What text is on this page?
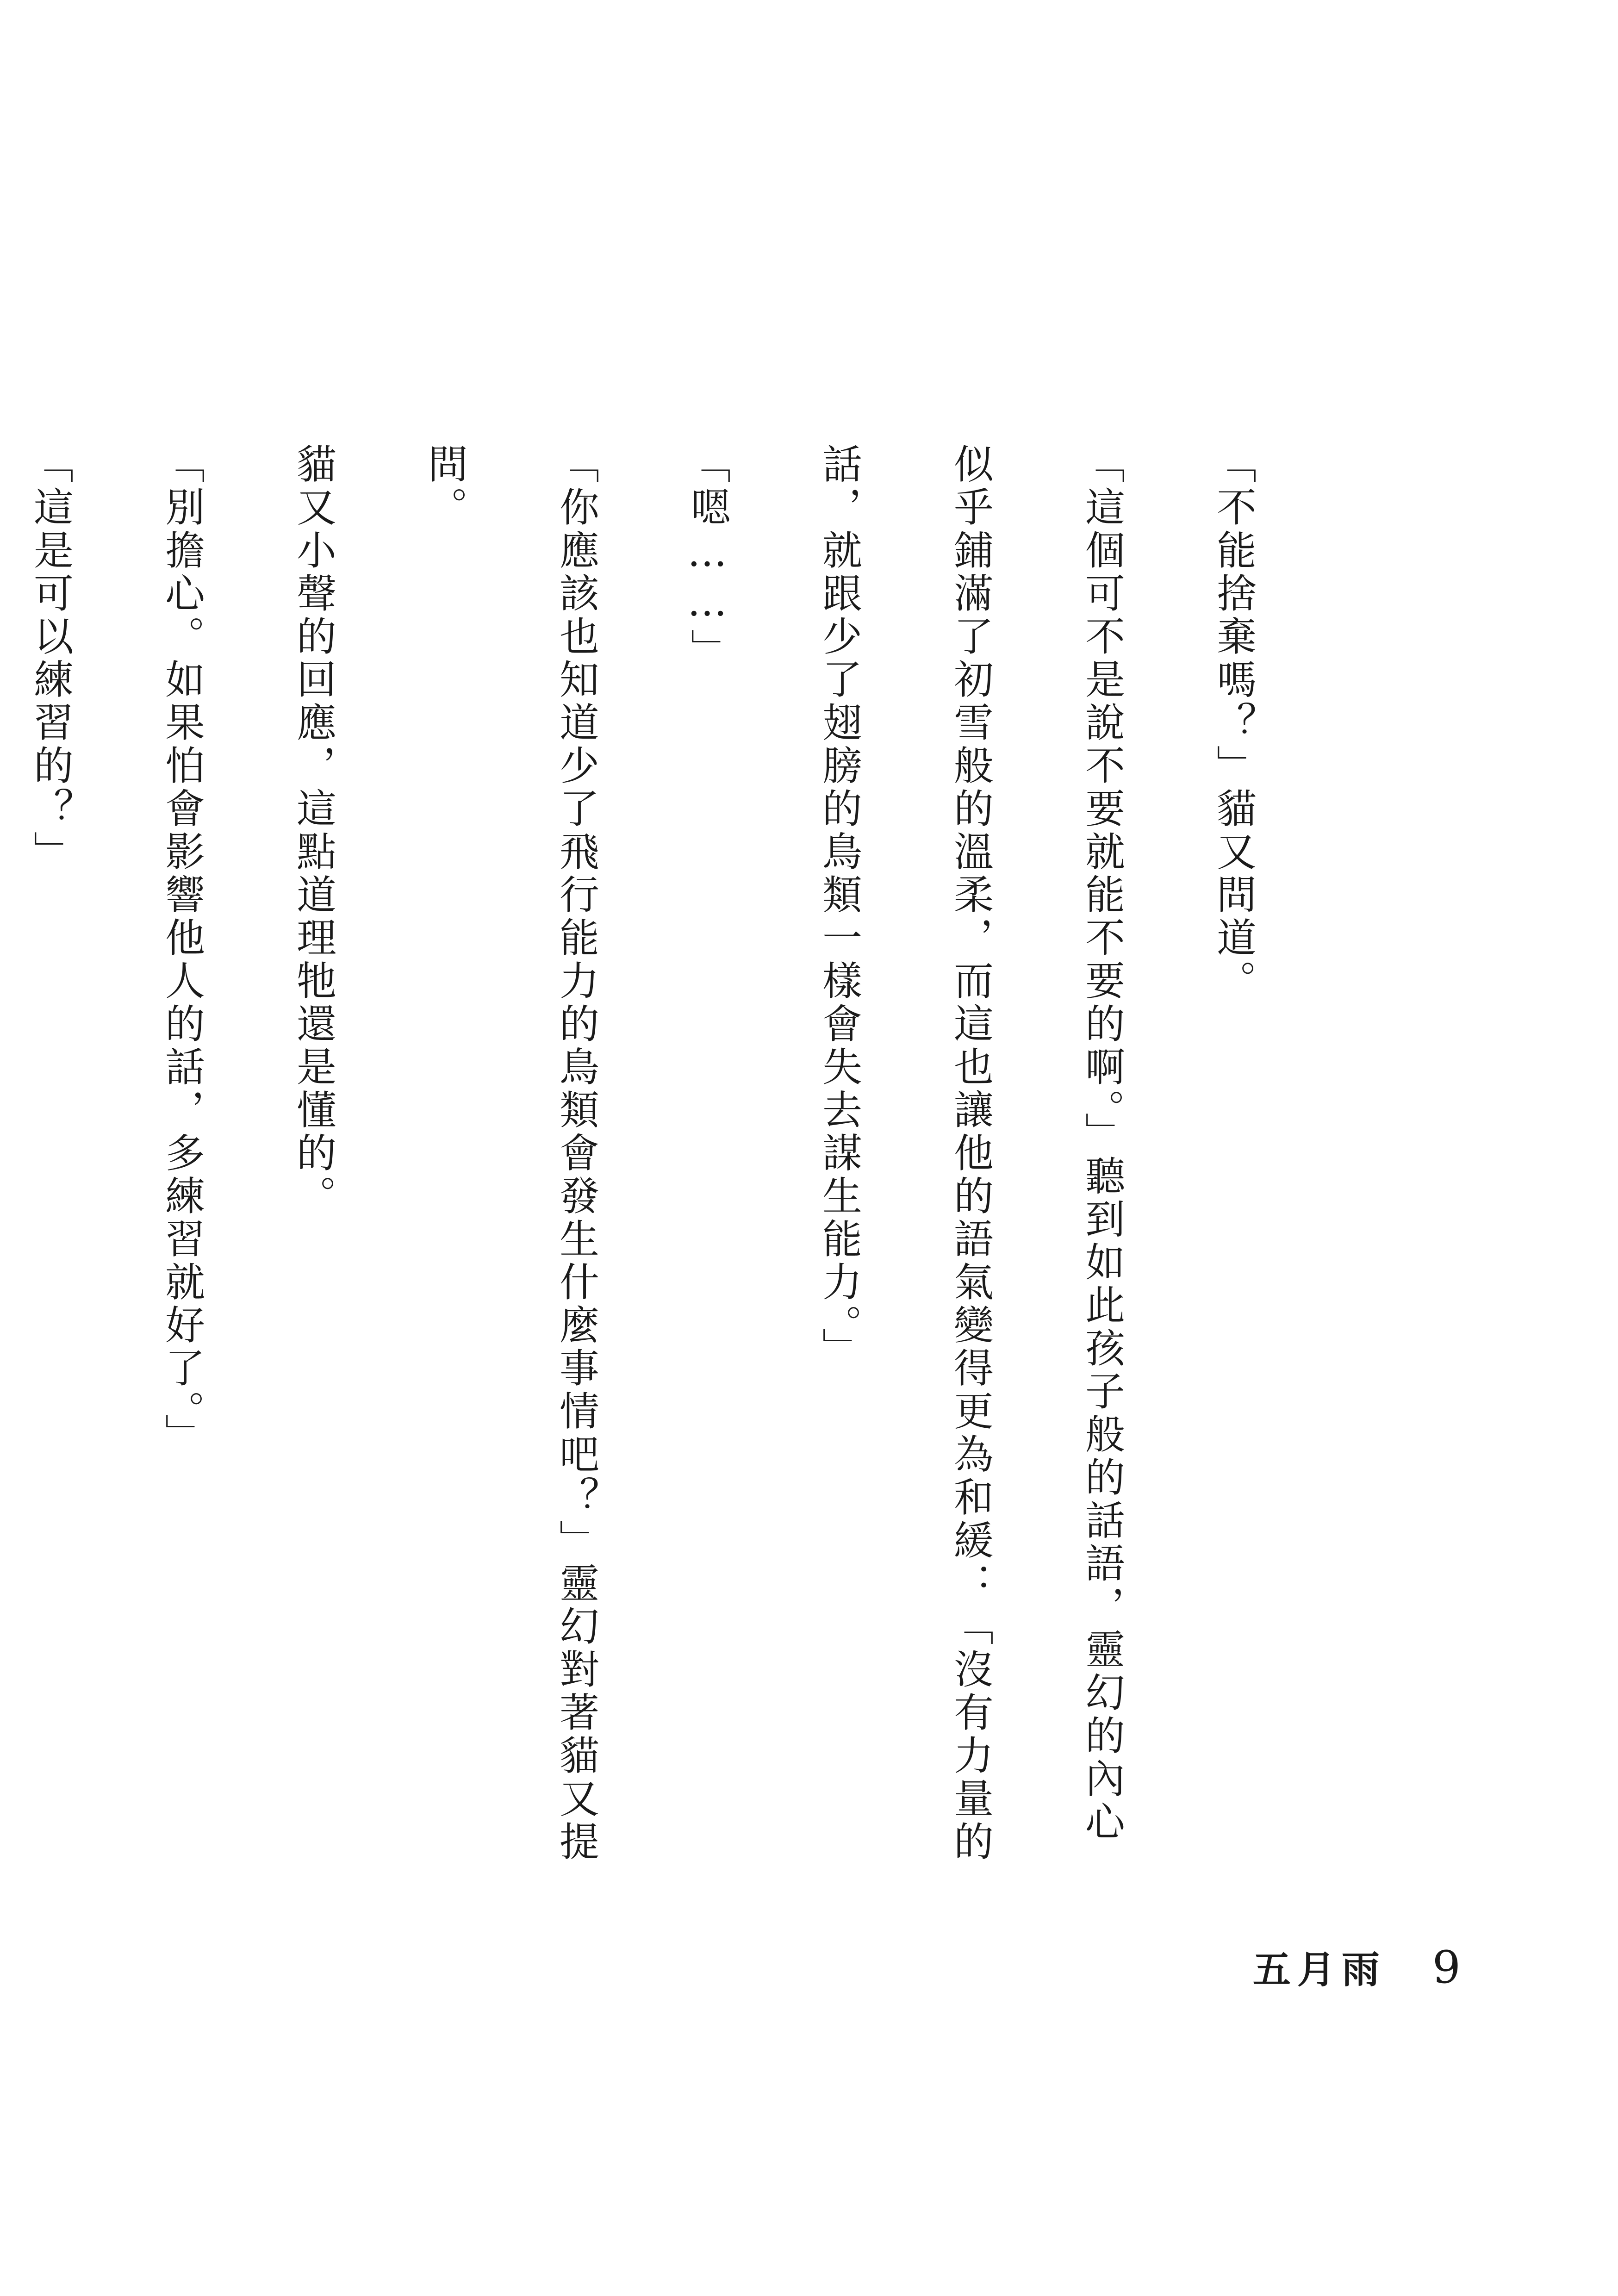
「不能捨棄嗎？」貓又問道。

「這個可不是說不要就能不要的啊。」聽到如此孩子般的話語，靈幻的內心似乎鋪滿了初雪般的溫柔，而這也讓他的語氣變得更為和緩：「沒有力量的話，就跟少了翅膀的鳥類一樣會失去謀生能力。」

「嗯……」

「你應該也知道少了飛行能力的鳥類會發生什麼事情吧？」靈幻對著貓又提問。

貓又小聲的回應，這點道理牠還是懂的。

「別擔心。如果怕會影響他人的話，多練習就好了。」

「這是可以練習的？」

五月雨 9
